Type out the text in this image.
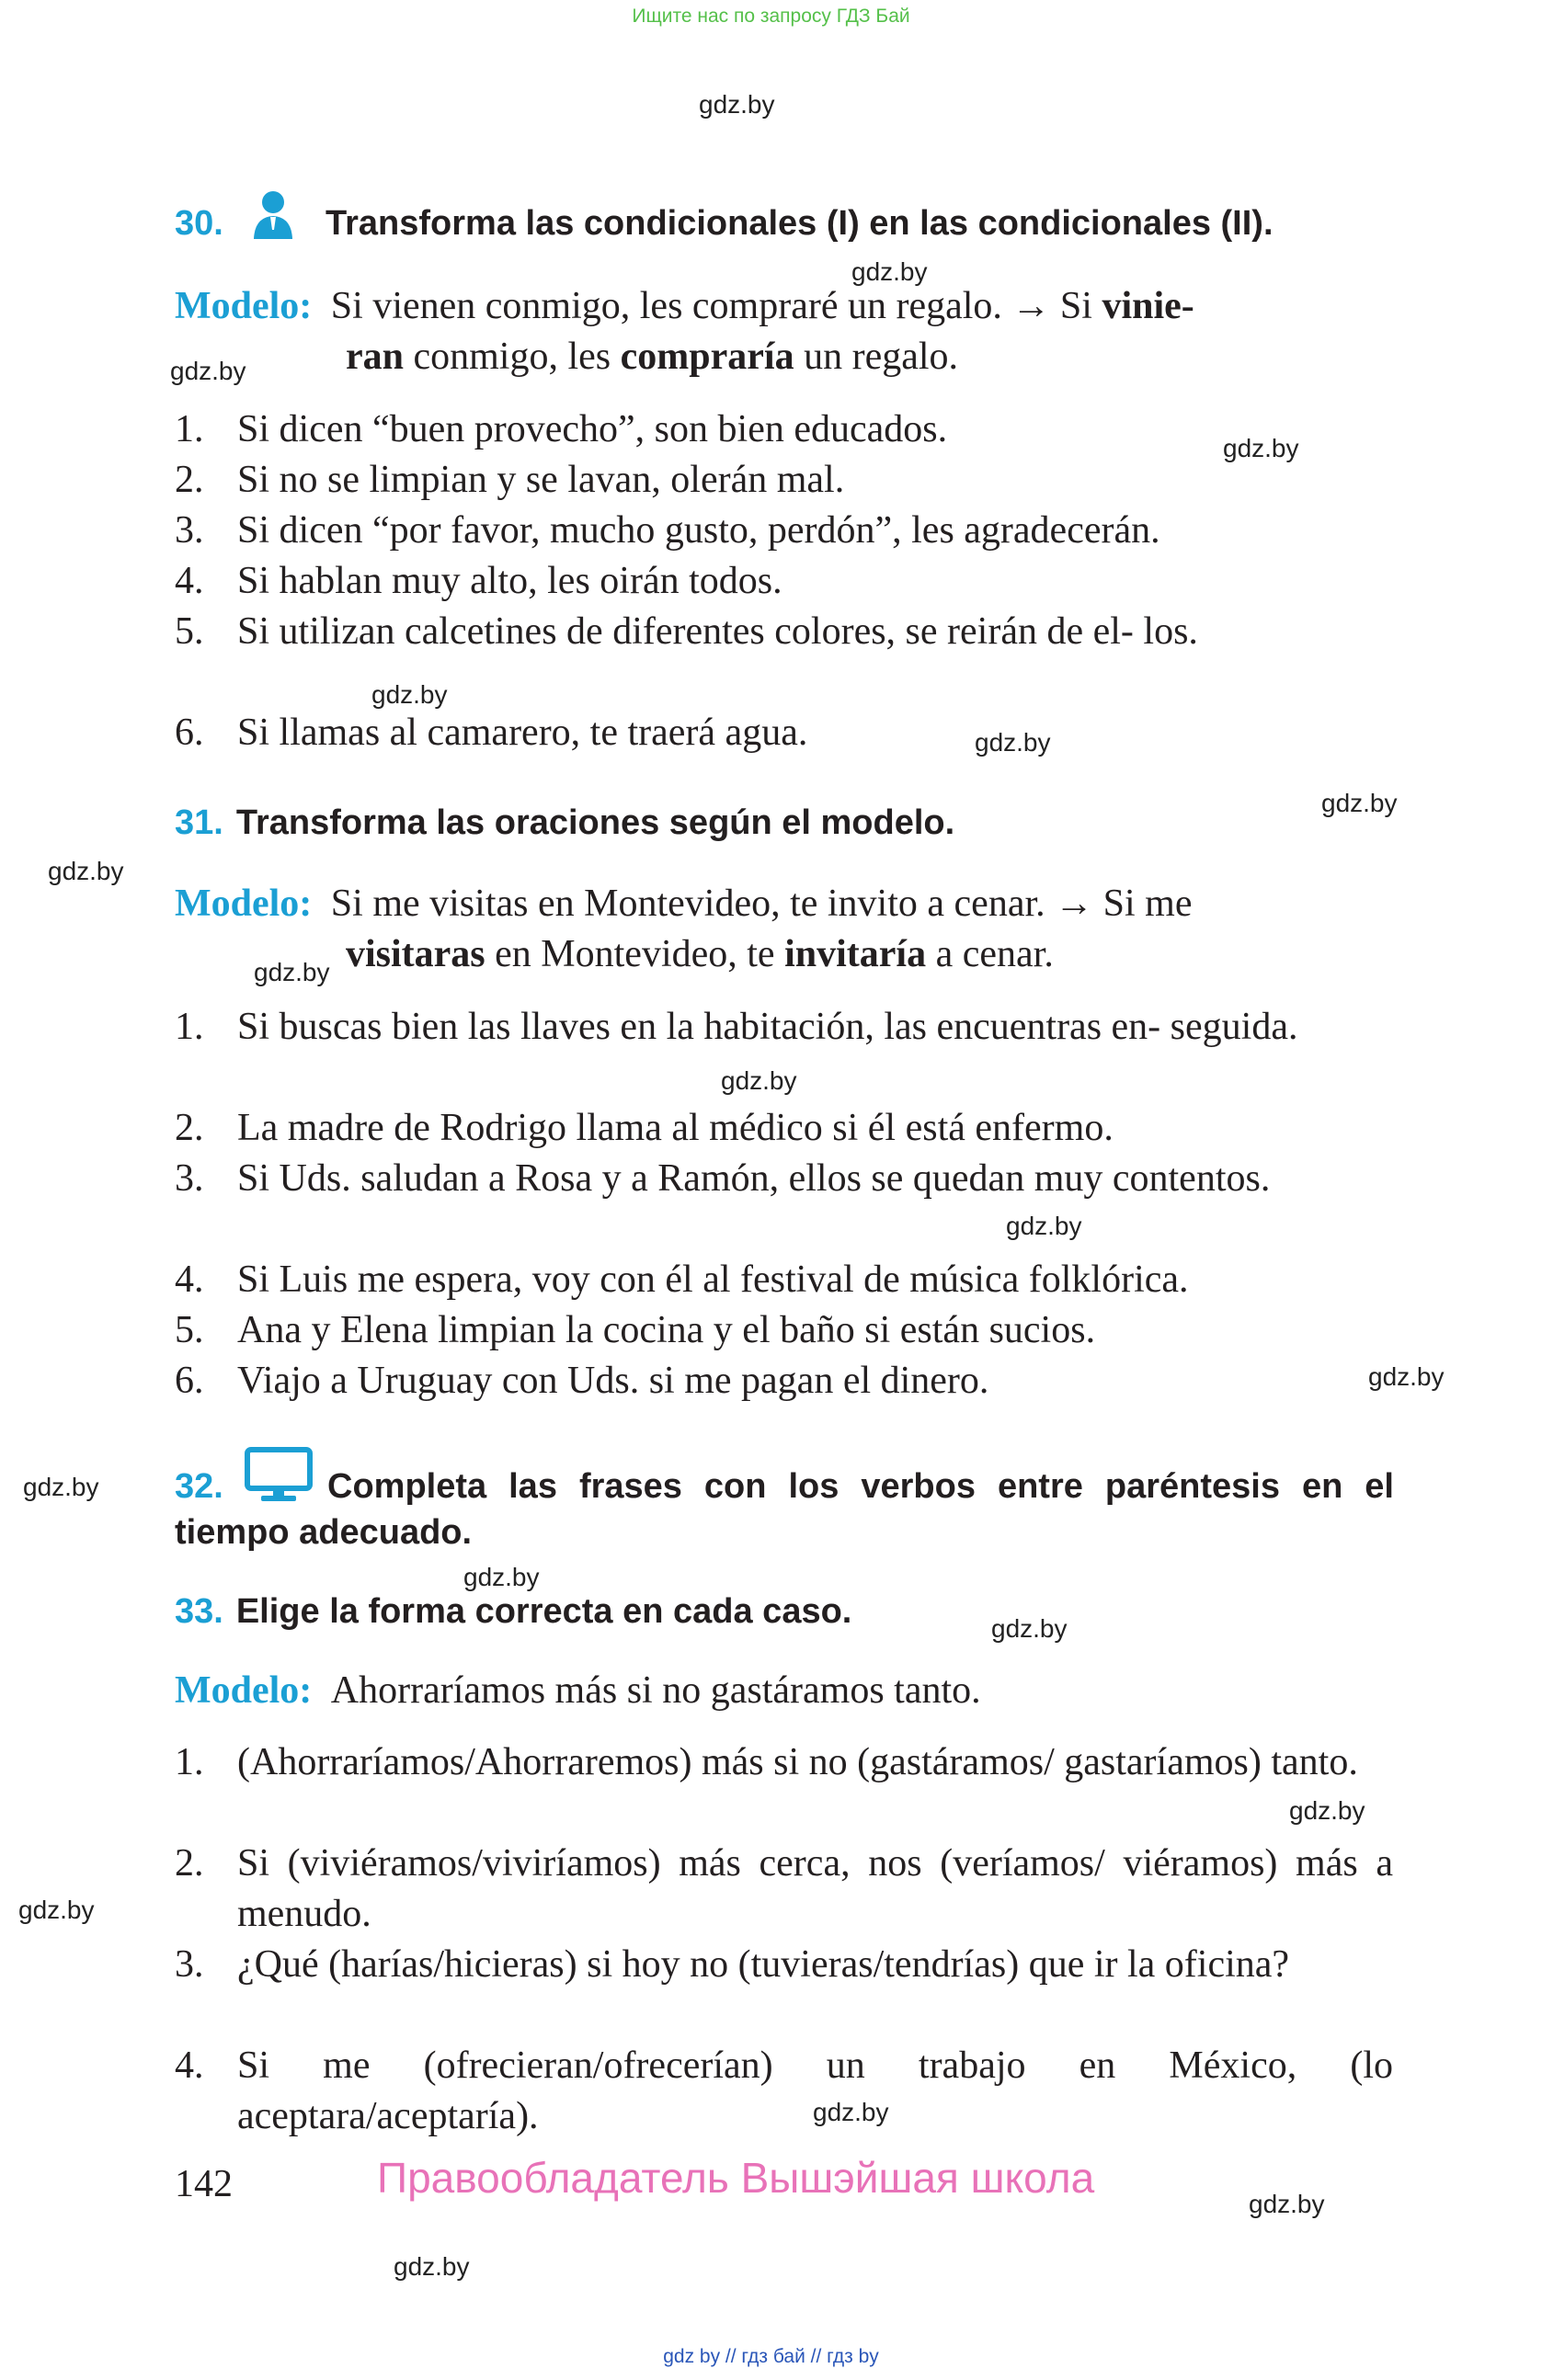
Ищите нас по запросу ГДЗ Бай
gdz.by
gdz.by
gdz.by
gdz.by
gdz.by
gdz.by
gdz.by
gdz.by
gdz.by
gdz.by
gdz.by
gdz.by
gdz.by
gdz.by
gdz.by
gdz.by
gdz.by
gdz.by
gdz.by
gdz.by
30.	Transforma las condicionales (I) en las condicionales (II).
Modelo: Si vienen conmigo, les compraré un regalo. → Si vinie-
ran conmigo, les compraría un regalo.
1. Si dicen “buen provecho”, son bien educados.
2. Si no se limpian y se lavan, olerán mal.
3. Si dicen “por favor, mucho gusto, perdón”, les agradecerán.
4. Si hablan muy alto, les oirán todos.
5. Si utilizan calcetines de diferentes colores, se reirán de el- los.
6. Si llamas al camarero, te traerá agua.
31. Transforma las oraciones según el modelo.
Modelo: Si me visitas en Montevideo, te invito a cenar. → Si me
visitaras en Montevideo, te invitaría a cenar.
1. Si buscas bien las llaves en la habitación, las encuentras en- seguida.
2. La madre de Rodrigo llama al médico si él está enfermo.
3. Si Uds. saludan a Rosa y a Ramón, ellos se quedan muy contentos.
4. Si Luis me espera, voy con él al festival de música folklórica.
5. Ana y Elena limpian la cocina y el baño si están sucios.
6. Viajo a Uruguay con Uds. si me pagan el dinero.
32.	Completa las frases con los verbos entre paréntesis en el
tiempo adecuado.
33. Elige la forma correcta en cada caso.
Modelo: Ahorraríamos más si no gastáramos tanto.
1. (Ahorraríamos/Ahorraremos) más si no (gastáramos/ gastaríamos) tanto.
2. Si (viviéramos/viviríamos) más cerca, nos (veríamos/ viéramos) más a menudo.
3. ¿Qué (harías/hicieras) si hoy no (tuvieras/tendrías) que ir la oficina?
4. Si me (ofrecieran/ofrecerían) un trabajo en México, (lo aceptara/aceptaría).
142	Правообладатель Вышэйшая школа
gdz by // гдз бай // гдз by
